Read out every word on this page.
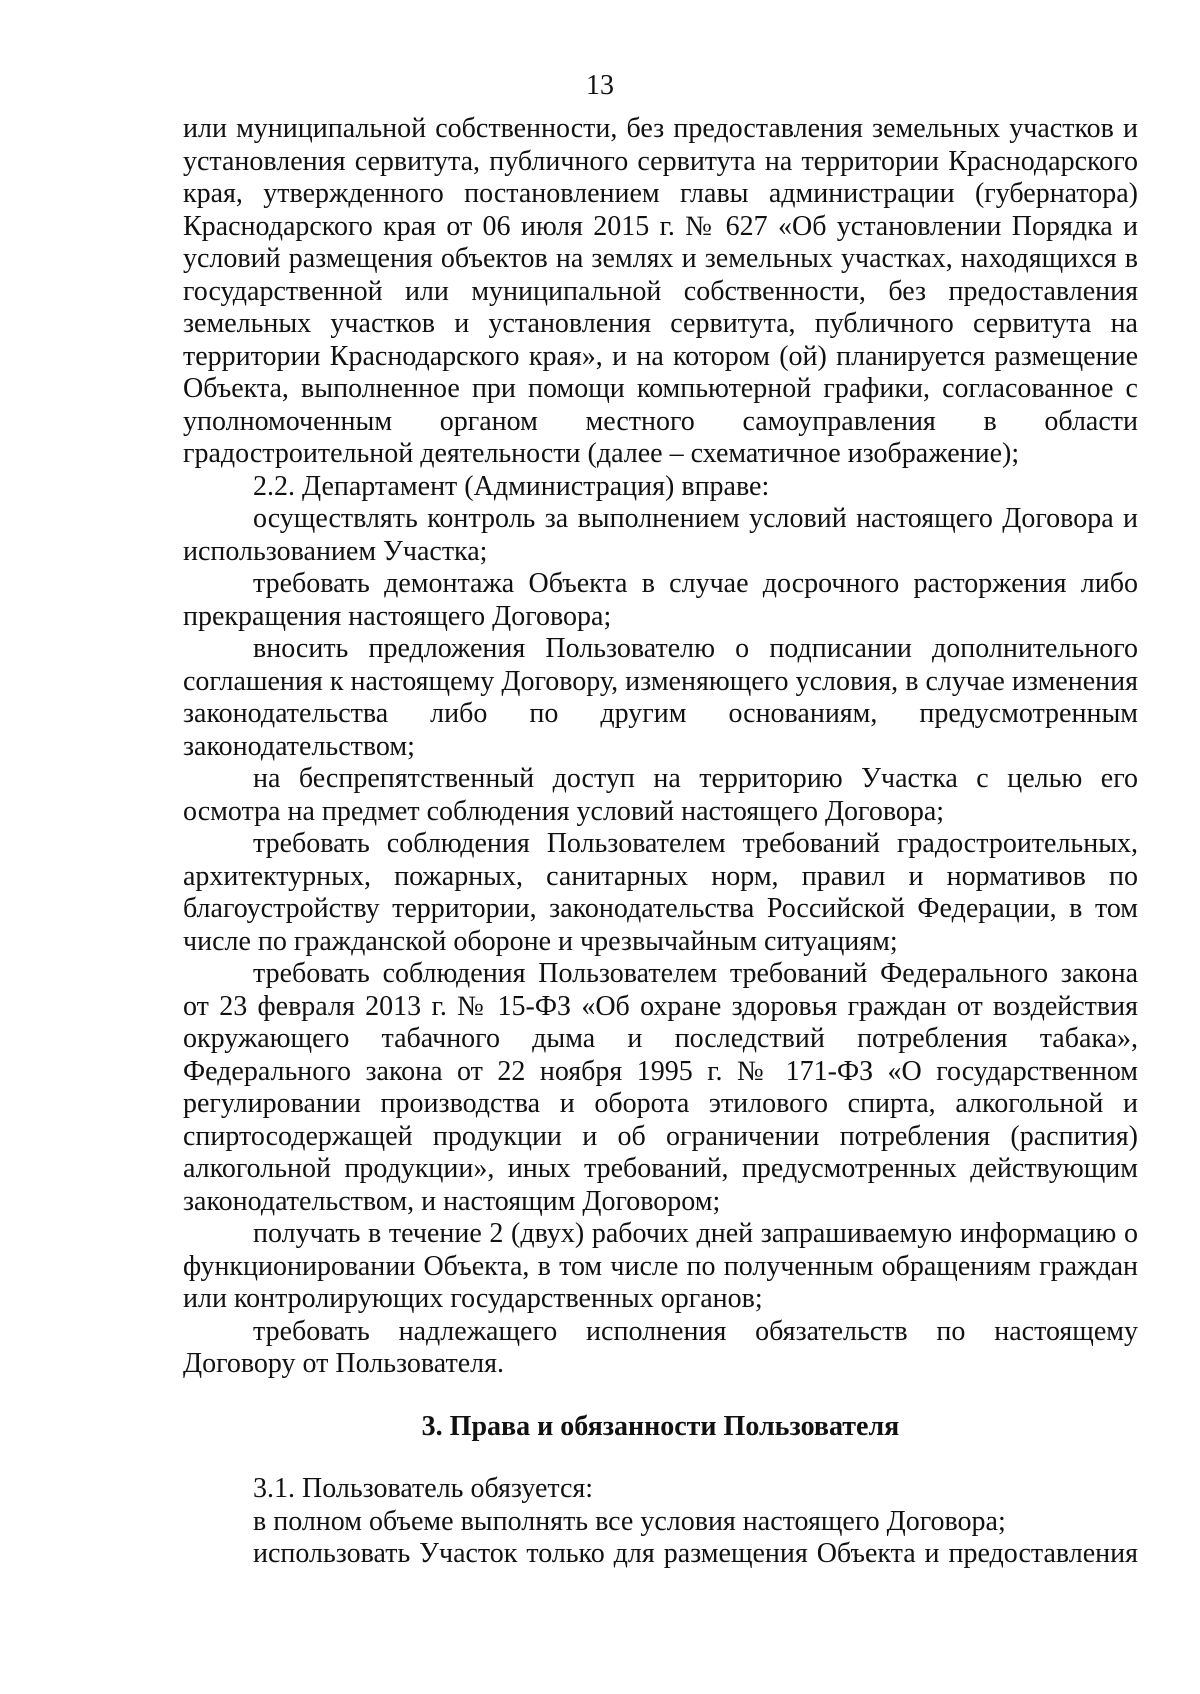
13

или муниципальной собственности, без предоставления земельных участков и установления сервитута, публичного сервитута на территории Краснодарского края, утвержденного постановлением главы администрации (губернатора) Краснодарского края от 06 июля 2015 г. № 627 «Об установлении Порядка и условий размещения объектов на землях и земельных участках, находящихся в государственной или муниципальной собственности, без предоставления земельных участков и установления сервитута, публичного сервитута на территории Краснодарского края», и на котором (ой) планируется размещение Объекта, выполненное при помощи компьютерной графики, согласованное с уполномоченным органом местного самоуправления в области градостроительной деятельности (далее – схематичное изображение);

2.2. Департамент (Администрация) вправе:

осуществлять контроль за выполнением условий настоящего Договора и использованием Участка;

требовать демонтажа Объекта в случае досрочного расторжения либо прекращения настоящего Договора;

вносить предложения Пользователю о подписании дополнительного соглашения к настоящему Договору, изменяющего условия, в случае изменения законодательства либо по другим основаниям, предусмотренным законодательством;

на беспрепятственный доступ на территорию Участка с целью его осмотра на предмет соблюдения условий настоящего Договора;

требовать соблюдения Пользователем требований градостроительных, архитектурных, пожарных, санитарных норм, правил и нормативов по благоустройству территории, законодательства Российской Федерации, в том числе по гражданской обороне и чрезвычайным ситуациям;

требовать соблюдения Пользователем требований Федерального закона от 23 февраля 2013 г. № 15-ФЗ «Об охране здоровья граждан от воздействия окружающего табачного дыма и последствий потребления табака», Федерального закона от 22 ноября 1995 г. № 171-ФЗ «О государственном регулировании производства и оборота этилового спирта, алкогольной и спиртосодержащей продукции и об ограничении потребления (распития) алкогольной продукции», иных требований, предусмотренных действующим законодательством, и настоящим Договором;

получать в течение 2 (двух) рабочих дней запрашиваемую информацию о функционировании Объекта, в том числе по полученным обращениям граждан или контролирующих государственных органов;

требовать надлежащего исполнения обязательств по настоящему Договору от Пользователя.

3. Права и обязанности Пользователя

3.1. Пользователь обязуется:

в полном объеме выполнять все условия настоящего Договора;

использовать Участок только для размещения Объекта и предоставления
